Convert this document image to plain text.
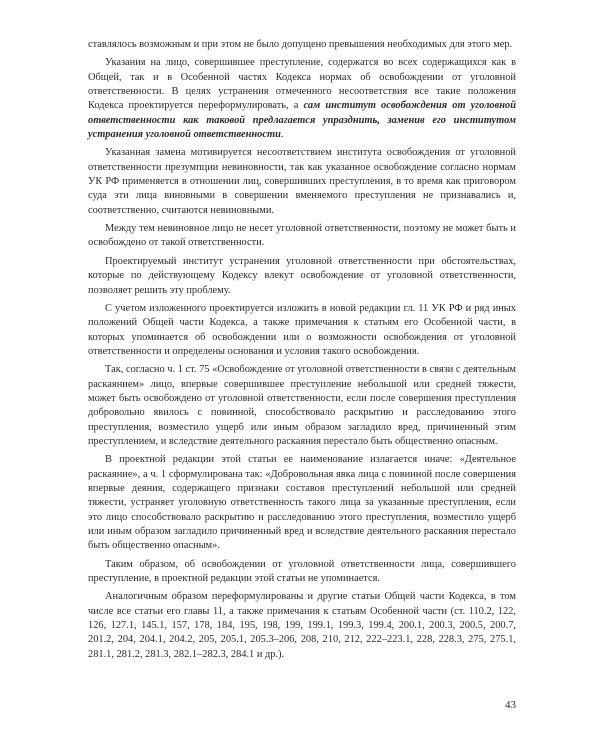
ставлялось возможным и при этом не было допущено превышения необходимых для этого мер.

Указания на лицо, совершившее преступление, содержатся во всех содержащихся как в Общей, так и в Особенной частях Кодекса нормах об освобождении от уголовной ответственности. В целях устранения отмеченного несоответствия все такие положения Кодекса проектируется переформулировать, а сам институт освобождения от уголовной ответственности как таковой предлагается упразднить, заменив его институтом устранения уголовной ответственности.

Указанная замена мотивируется несоответствием института освобождения от уголовной ответственности презумпции невиновности, так как указанное освобождение согласно нормам УК РФ применяется в отношении лиц, совершивших преступления, в то время как приговором суда эти лица виновными в совершении вменяемого преступления не признавались и, соответственно, считаются невиновными.

Между тем невиновное лицо не несет уголовной ответственности, поэтому не может быть и освобождено от такой ответственности.

Проектируемый институт устранения уголовной ответственности при обстоятельствах, которые по действующему Кодексу влекут освобождение от уголовной ответственности, позволяет решить эту проблему.

С учетом изложенного проектируется изложить в новой редакции гл. 11 УК РФ и ряд иных положений Общей части Кодекса, а также примечания к статьям его Особенной части, в которых упоминается об освобождении или о возможности освобождения от уголовной ответственности и определены основания и условия такого освобождения.

Так, согласно ч. 1 ст. 75 «Освобождение от уголовной ответственности в связи с деятельным раскаянием» лицо, впервые совершившее преступление небольшой или средней тяжести, может быть освобождено от уголовной ответственности, если после совершения преступления добровольно явилось с повинной, способствовало раскрытию и расследованию этого преступления, возместило ущерб или иным образом загладило вред, причиненный этим преступлением, и вследствие деятельного раскаяния перестало быть общественно опасным.

В проектной редакции этой статьи ее наименование излагается иначе: «Деятельное раскаяние», а ч. 1 сформулирована так: «Добровольная явка лица с повинной после совершения впервые деяния, содержащего признаки составов преступлений небольшой или средней тяжести, устраняет уголовную ответственность такого лица за указанные преступления, если это лицо способствовало раскрытию и расследованию этого преступления, возместило ущерб или иным образом загладило причиненный вред и вследствие деятельного раскаяния перестало быть общественно опасным».

Таким образом, об освобождении от уголовной ответственности лица, совершившего преступление, в проектной редакции этой статьи не упоминается.

Аналогичным образом переформулированы и другие статьи Общей части Кодекса, в том числе все статьи его главы 11, а также примечания к статьям Особенной части (ст. 110.2, 122, 126, 127.1, 145.1, 157, 178, 184, 195, 198, 199, 199.1, 199.3, 199.4, 200.1, 200.3, 200.5, 200.7, 201.2, 204, 204.1, 204.2, 205, 205.1, 205.3–206, 208, 210, 212, 222–223.1, 228, 228.3, 275, 275.1, 281.1, 281.2, 281.3, 282.1–282.3, 284.1 и др.).

43
